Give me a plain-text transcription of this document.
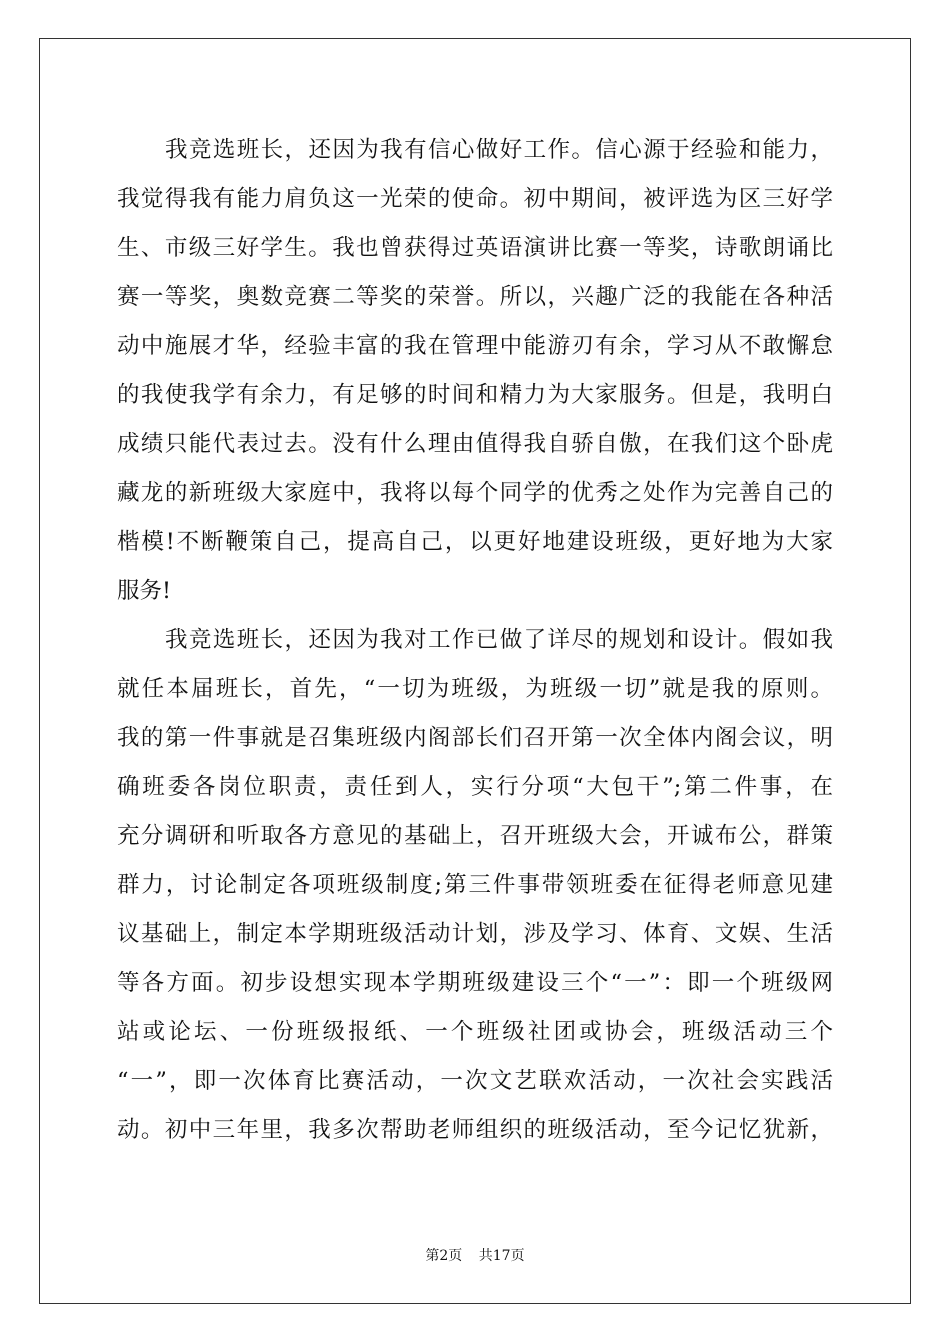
我竞选班长，还因为我有信心做好工作。信心源于经验和能力，
我觉得我有能力肩负这一光荣的使命。初中期间，被评选为区三好学
生、市级三好学生。我也曾获得过英语演讲比赛一等奖，诗歌朗诵比
赛一等奖，奥数竞赛二等奖的荣誉。所以，兴趣广泛的我能在各种活
动中施展才华，经验丰富的我在管理中能游刃有余，学习从不敢懈怠
的我使我学有余力，有足够的时间和精力为大家服务。但是，我明白
成绩只能代表过去。没有什么理由值得我自骄自傲，在我们这个卧虎
藏龙的新班级大家庭中，我将以每个同学的优秀之处作为完善自己的
楷模!不断鞭策自己，提高自己，以更好地建设班级，更好地为大家
服务!
我竞选班长，还因为我对工作已做了详尽的规划和设计。假如我
就任本届班长，首先，“一切为班级，为班级一切”就是我的原则。
我的第一件事就是召集班级内阁部长们召开第一次全体内阁会议，明
确班委各岗位职责，责任到人，实行分项“大包干”;第二件事，在
充分调研和听取各方意见的基础上，召开班级大会，开诚布公，群策
群力，讨论制定各项班级制度;第三件事带领班委在征得老师意见建
议基础上，制定本学期班级活动计划，涉及学习、体育、文娱、生活
等各方面。初步设想实现本学期班级建设三个“一”：即一个班级网
站或论坛、一份班级报纸、一个班级社团或协会，班级活动三个
“一”，即一次体育比赛活动，一次文艺联欢活动，一次社会实践活
动。初中三年里，我多次帮助老师组织的班级活动，至今记忆犹新，
第2页 共17页
